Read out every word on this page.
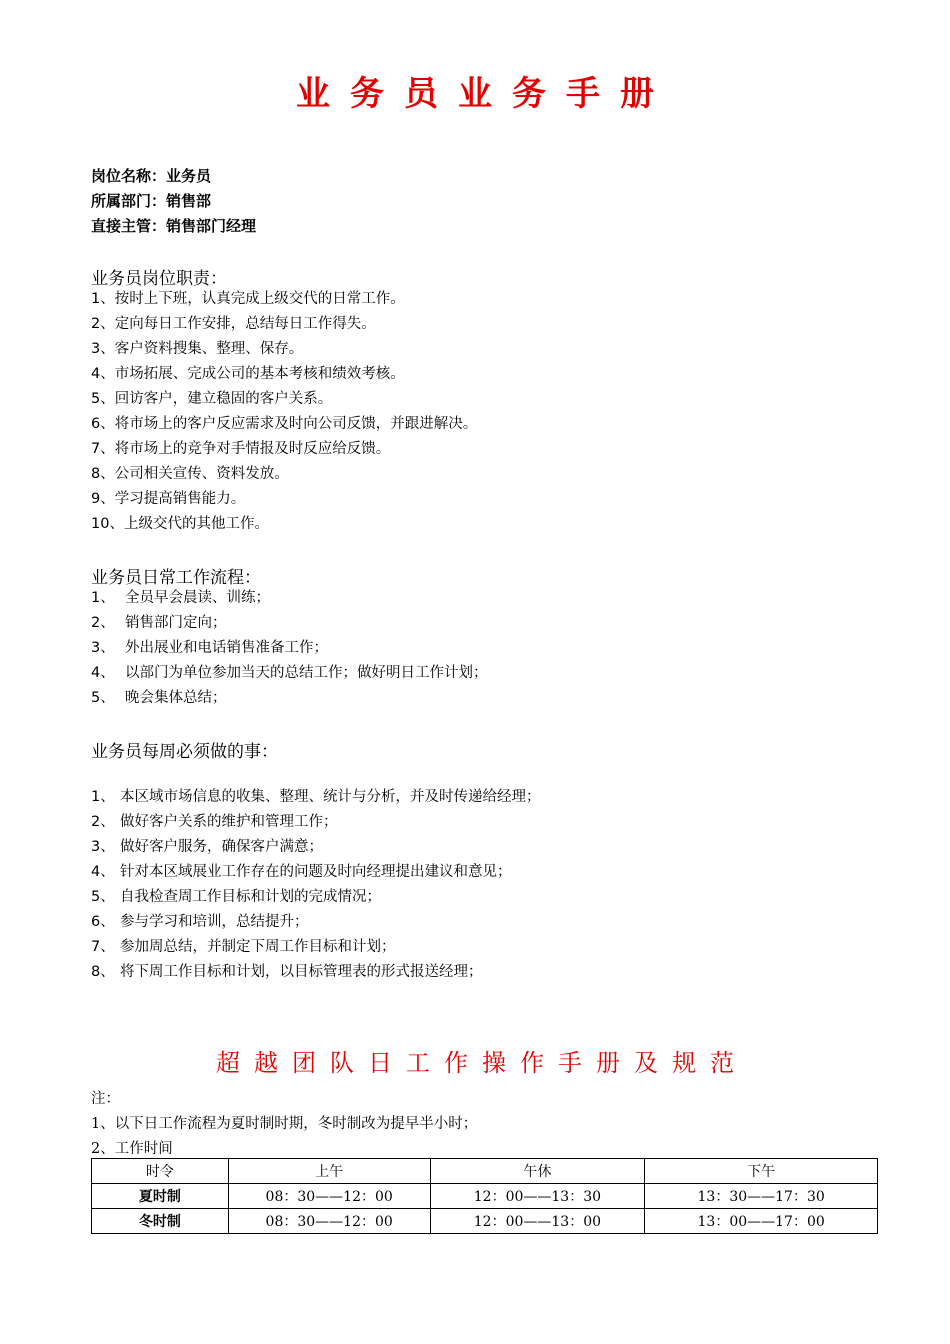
业务员业务手册
岗位名称：业务员
所属部门：销售部
直接主管：销售部门经理
业务员岗位职责：
1、按时上下班，认真完成上级交代的日常工作。
2、定向每日工作安排，总结每日工作得失。
3、客户资料搜集、整理、保存。
4、市场拓展、完成公司的基本考核和绩效考核。
5、回访客户，建立稳固的客户关系。
6、将市场上的客户反应需求及时向公司反馈，并跟进解决。
7、将市场上的竞争对手情报及时反应给反馈。
8、公司相关宣传、资料发放。
9、学习提高销售能力。
10、上级交代的其他工作。
业务员日常工作流程：
1、 全员早会晨读、训练；
2、 销售部门定向；
3、 外出展业和电话销售准备工作；
4、 以部门为单位参加当天的总结工作；做好明日工作计划；
5、 晚会集体总结；
业务员每周必须做的事：
1、 本区域市场信息的收集、整理、统计与分析，并及时传递给经理；
2、 做好客户关系的维护和管理工作；
3、 做好客户服务，确保客户满意；
4、 针对本区域展业工作存在的问题及时向经理提出建议和意见；
5、 自我检查周工作目标和计划的完成情况；
6、 参与学习和培训，总结提升；
7、 参加周总结，并制定下周工作目标和计划；
8、 将下周工作目标和计划，以目标管理表的形式报送经理；
超越团队日工作操作手册及规范
注：
1、以下日工作流程为夏时制时期，冬时制改为提早半小时；
2、工作时间
时令	上午	午休	下午
夏时制	08：30——12：00	12：00——13：30	13：30——17：30
冬时制	08：30——12：00	12：00——13：00	13：00——17：00
